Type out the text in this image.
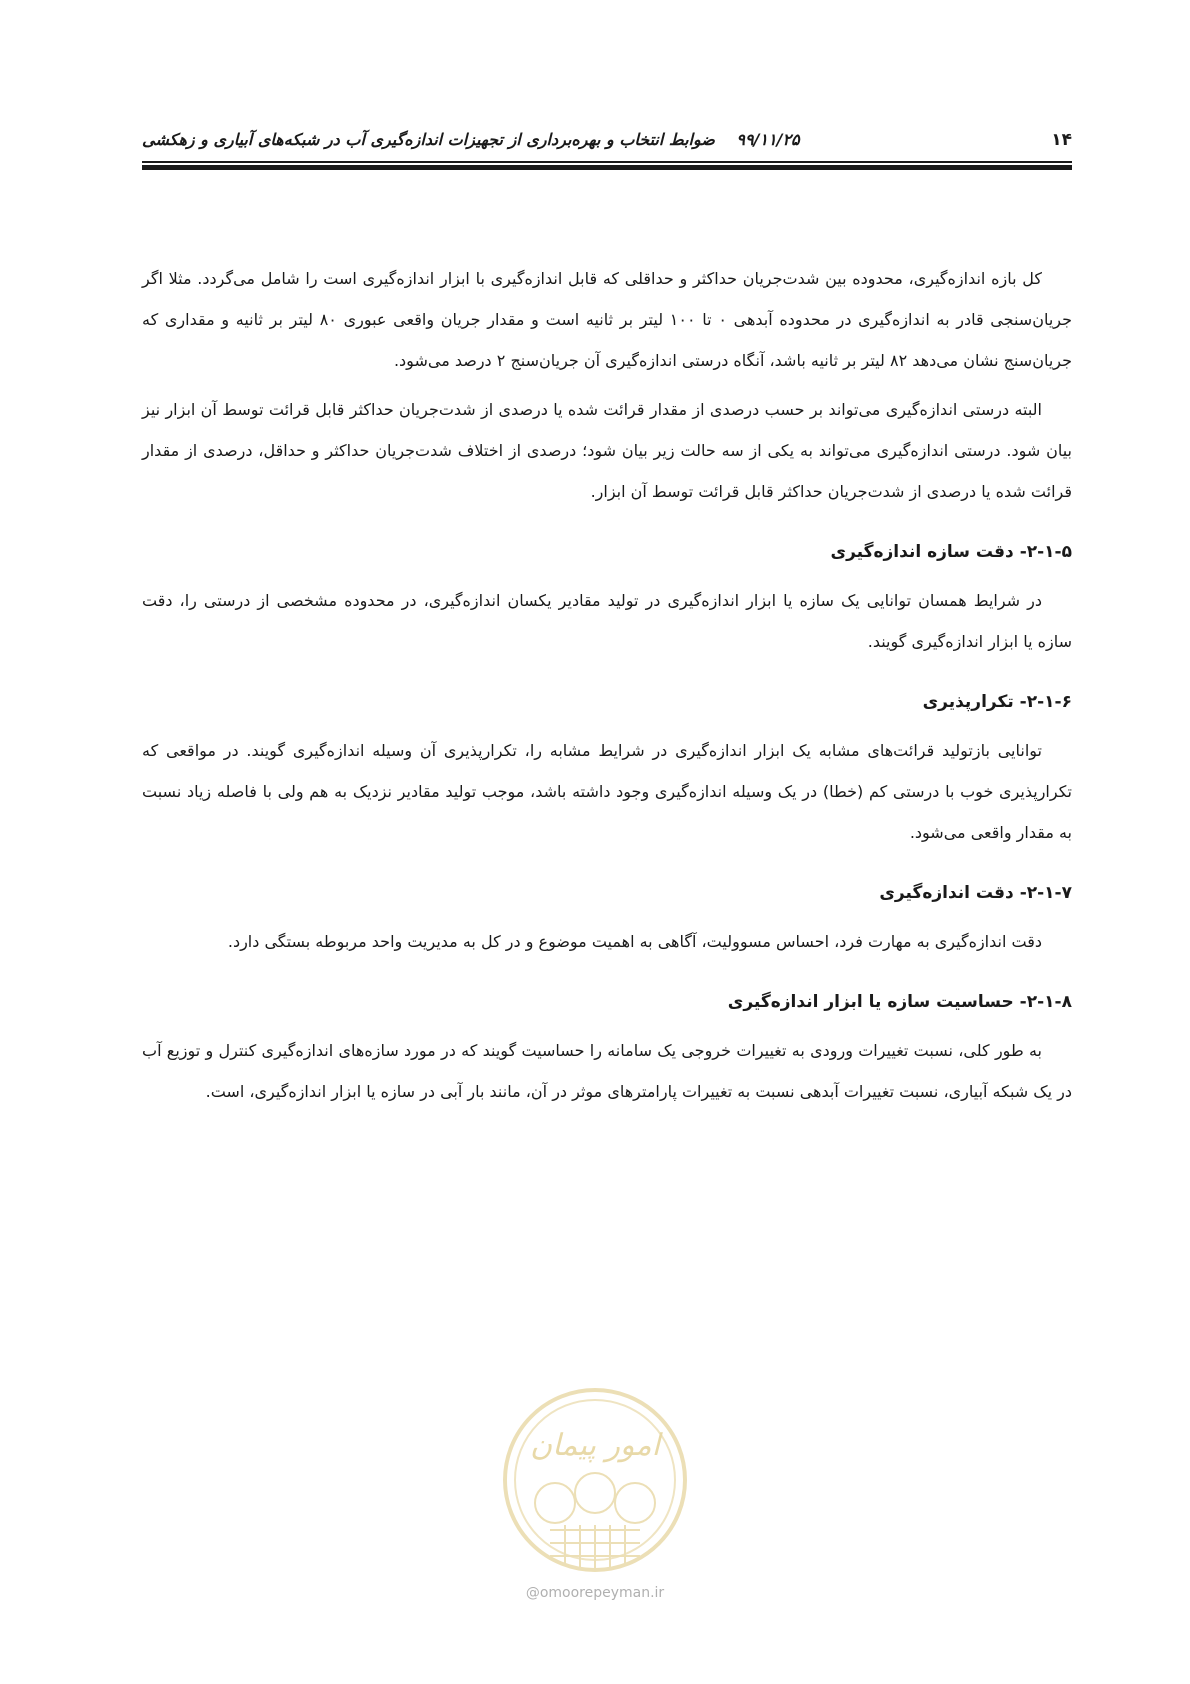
۱۴
۹۹/۱۱/۲۵ ضوابط انتخاب و بهره‌برداری از تجهیزات اندازه‌گیری آب در شبکه‌های آبیاری و زهکشی

کل بازه اندازه‌گیری، محدوده بین شدت‌جریان حداکثر و حداقلی که قابل اندازه‌گیری با ابزار اندازه‌گیری است را شامل می‌گردد. مثلا اگر جریان‌سنجی قادر به اندازه‌گیری در محدوده آبدهی ۰ تا ۱۰۰ لیتر بر ثانیه است و مقدار جریان واقعی عبوری ۸۰ لیتر بر ثانیه و مقداری که جریان‌سنج نشان می‌دهد ۸۲ لیتر بر ثانیه باشد، آنگاه درستی اندازه‌گیری آن جریان‌سنج ۲ درصد می‌شود.

البته درستی اندازه‌گیری می‌تواند بر حسب درصدی از مقدار قرائت شده یا درصدی از شدت‌جریان حداکثر قابل قرائت توسط آن ابزار نیز بیان شود. درستی اندازه‌گیری می‌تواند به یکی از سه حالت زیر بیان شود؛ درصدی از اختلاف شدت‌جریان حداکثر و حداقل، درصدی از مقدار قرائت شده یا درصدی از شدت‌جریان حداکثر قابل قرائت توسط آن ابزار.

۲-۱-۵- دقت سازه اندازه‌گیری

در شرایط همسان توانایی یک سازه یا ابزار اندازه‌گیری در تولید مقادیر یکسان اندازه‌گیری، در محدوده مشخصی از درستی را، دقت سازه یا ابزار اندازه‌گیری گویند.

۲-۱-۶- تکرارپذیری

توانایی بازتولید قرائت‌های مشابه یک ابزار اندازه‌گیری در شرایط مشابه را، تکرارپذیری آن وسیله اندازه‌گیری گویند. در مواقعی که تکرارپذیری خوب با درستی کم (خطا) در یک وسیله اندازه‌گیری وجود داشته باشد، موجب تولید مقادیر نزدیک به هم ولی با فاصله زیاد نسبت به مقدار واقعی می‌شود.

۲-۱-۷- دقت اندازه‌گیری

دقت اندازه‌گیری به مهارت فرد، احساس مسوولیت، آگاهی به اهمیت موضوع و در کل به مدیریت واحد مربوطه بستگی دارد.

۲-۱-۸- حساسیت سازه یا ابزار اندازه‌گیری

به طور کلی، نسبت تغییرات ورودی به تغییرات خروجی یک سامانه را حساسیت گویند که در مورد سازه‌های اندازه‌گیری کنترل و توزیع آب در یک شبکه آبیاری، نسبت تغییرات آبدهی نسبت به تغییرات پارامترهای موثر در آن، مانند بار آبی در سازه یا ابزار اندازه‌گیری، است.

امور پیمان
@omoorepeyman.ir
